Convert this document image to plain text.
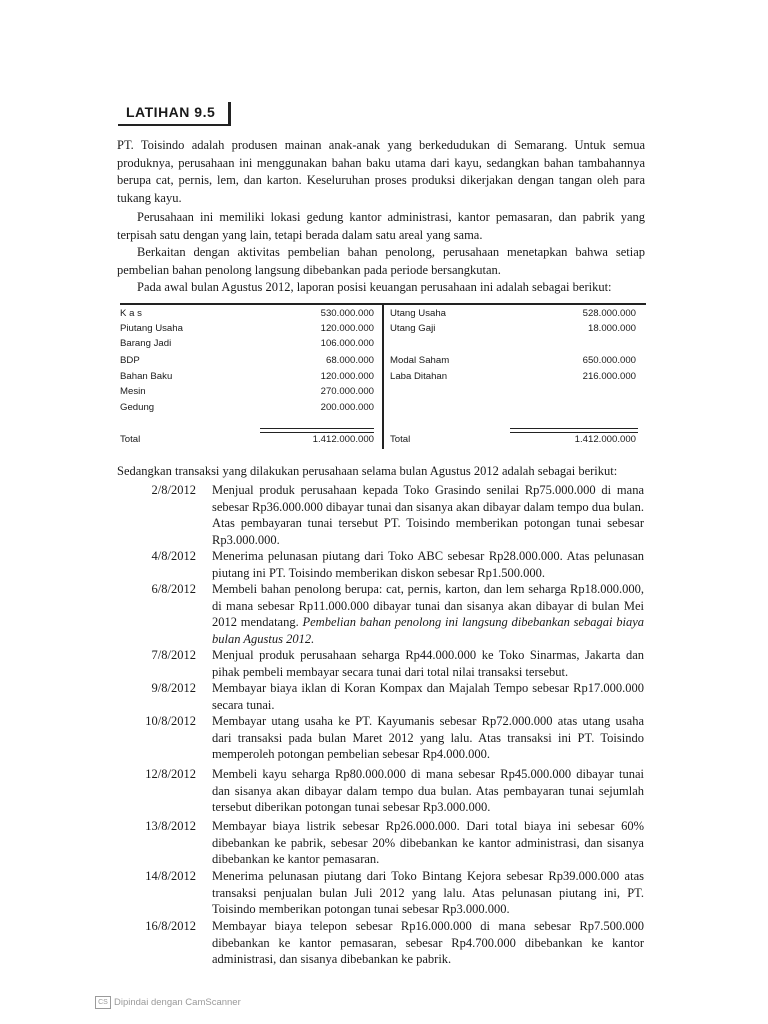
LATIHAN 9.5

PT. Toisindo adalah produsen mainan anak-anak yang berkedudukan di Semarang. Untuk semua produknya, perusahaan ini menggunakan bahan baku utama dari kayu, sedangkan bahan tambahannya berupa cat, pernis, lem, dan karton. Keseluruhan proses produksi dikerjakan dengan tangan oleh para tukang kayu.

Perusahaan ini memiliki lokasi gedung kantor administrasi, kantor pemasaran, dan pabrik yang terpisah satu dengan yang lain, tetapi berada dalam satu areal yang sama.

Berkaitan dengan aktivitas pembelian bahan penolong, perusahaan menetapkan bahwa setiap pembelian bahan penolong langsung dibebankan pada periode bersangkutan.

Pada awal bulan Agustus 2012, laporan posisi keuangan perusahaan ini adalah sebagai berikut:

K a s	530.000.000
Piutang Usaha	120.000.000
Barang Jadi	106.000.000
BDP	68.000.000
Bahan Baku	120.000.000
Mesin	270.000.000
Gedung	200.000.000
Utang Usaha	528.000.000
Utang Gaji	18.000.000
Modal Saham	650.000.000
Laba Ditahan	216.000.000
Total	1.412.000.000 Total	1.412.000.000

Sedangkan transaksi yang dilakukan perusahaan selama bulan Agustus 2012 adalah sebagai berikut:

2/8/2012 Menjual produk perusahaan kepada Toko Grasindo senilai Rp75.000.000 di mana sebesar Rp36.000.000 dibayar tunai dan sisanya akan dibayar dalam tempo dua bulan. Atas pembayaran tunai tersebut PT. Toisindo memberikan potongan tunai sebesar Rp3.000.000.
4/8/2012 Menerima pelunasan piutang dari Toko ABC sebesar Rp28.000.000. Atas pelunasan piutang ini PT. Toisindo memberikan diskon sebesar Rp1.500.000.
6/8/2012 Membeli bahan penolong berupa: cat, pernis, karton, dan lem seharga Rp18.000.000, di mana sebesar Rp11.000.000 dibayar tunai dan sisanya akan dibayar di bulan Mei 2012 mendatang. Pembelian bahan penolong ini langsung dibebankan sebagai biaya bulan Agustus 2012.
7/8/2012 Menjual produk perusahaan seharga Rp44.000.000 ke Toko Sinarmas, Jakarta dan pihak pembeli membayar secara tunai dari total nilai transaksi tersebut.
9/8/2012 Membayar biaya iklan di Koran Kompax dan Majalah Tempo sebesar Rp17.000.000 secara tunai.
10/8/2012 Membayar utang usaha ke PT. Kayumanis sebesar Rp72.000.000 atas utang usaha dari transaksi pada bulan Maret 2012 yang lalu. Atas transaksi ini PT. Toisindo memperoleh potongan pembelian sebesar Rp4.000.000.
12/8/2012 Membeli kayu seharga Rp80.000.000 di mana sebesar Rp45.000.000 dibayar tunai dan sisanya akan dibayar dalam tempo dua bulan. Atas pembayaran tunai sejumlah tersebut diberikan potongan tunai sebesar Rp3.000.000.
13/8/2012 Membayar biaya listrik sebesar Rp26.000.000. Dari total biaya ini sebesar 60% dibebankan ke pabrik, sebesar 20% dibebankan ke kantor administrasi, dan sisanya dibebankan ke kantor pemasaran.
14/8/2012 Menerima pelunasan piutang dari Toko Bintang Kejora sebesar Rp39.000.000 atas transaksi penjualan bulan Juli 2012 yang lalu. Atas pelunasan piutang ini, PT. Toisindo memberikan potongan tunai sebesar Rp3.000.000.
16/8/2012 Membayar biaya telepon sebesar Rp16.000.000 di mana sebesar Rp7.500.000 dibebankan ke kantor pemasaran, sebesar Rp4.700.000 dibebankan ke kantor administrasi, dan sisanya dibebankan ke pabrik.
CS Dipindai dengan CamScanner
